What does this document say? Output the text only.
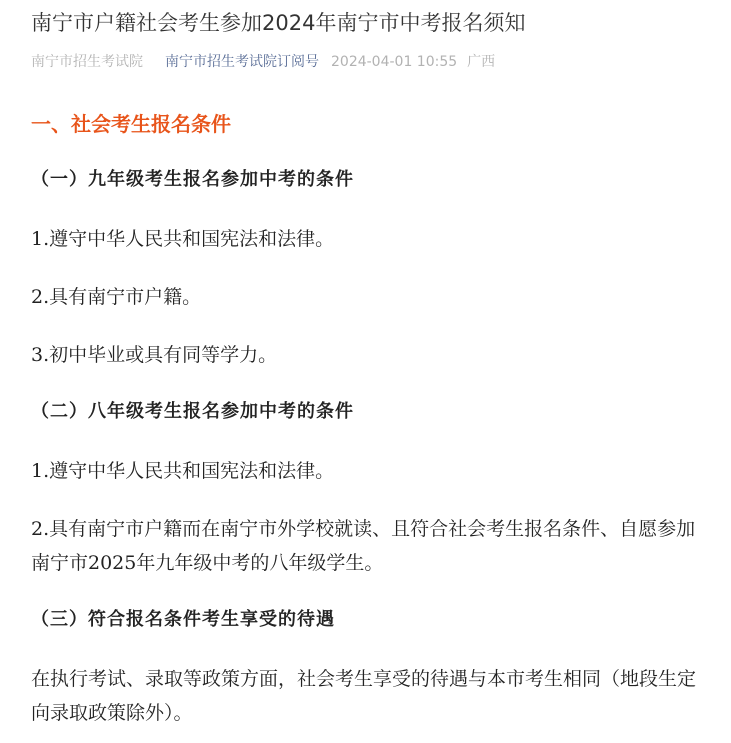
南宁市户籍社会考生参加2024年南宁市中考报名须知
南宁市招生考试院 南宁市招生考试院订阅号 2024-04-01 10:55 广西
一、社会考生报名条件

（一）九年级考生报名参加中考的条件

1.遵守中华人民共和国宪法和法律。

2.具有南宁市户籍。

3.初中毕业或具有同等学力。

（二）八年级考生报名参加中考的条件

1.遵守中华人民共和国宪法和法律。

2.具有南宁市户籍而在南宁市外学校就读、且符合社会考生报名条件、自愿参加南宁市2025年九年级中考的八年级学生。

（三）符合报名条件考生享受的待遇

在执行考试、录取等政策方面，社会考生享受的待遇与本市考生相同（地段生定向录取政策除外）。
